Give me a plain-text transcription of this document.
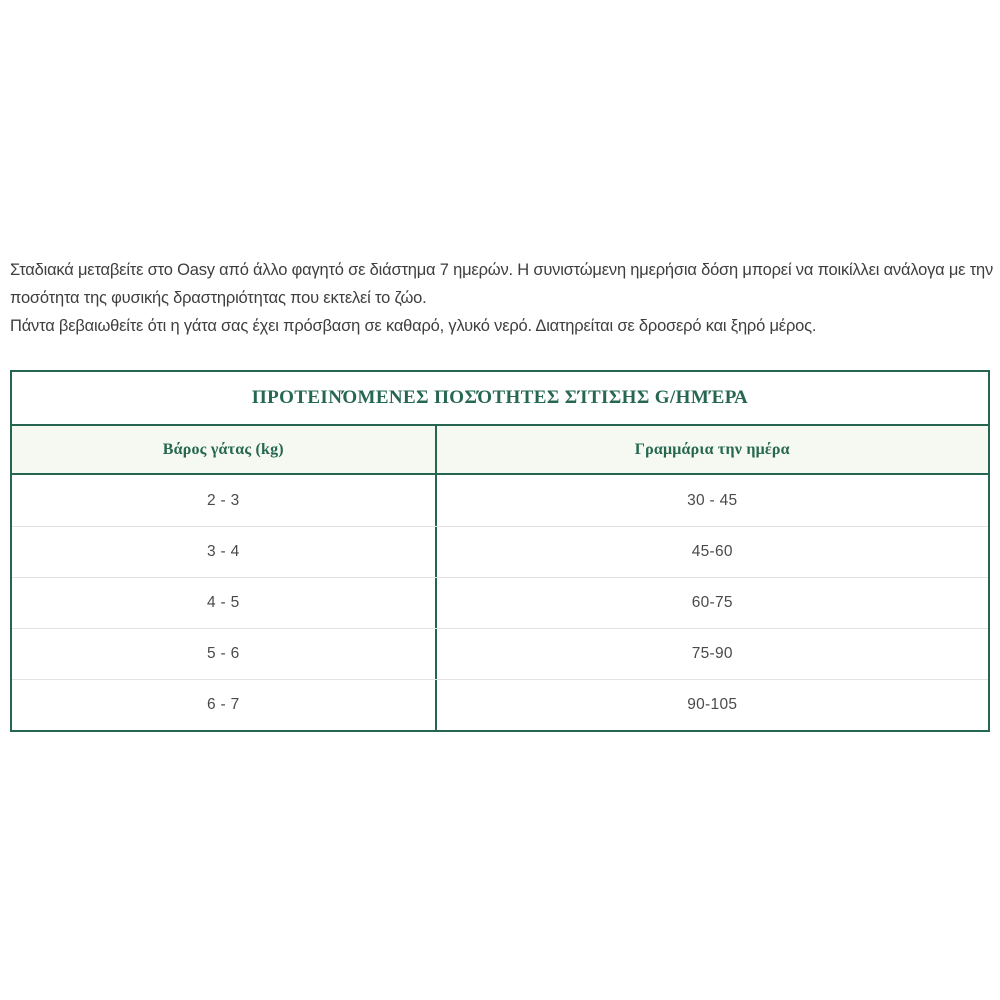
Σταδιακά μεταβείτε στο Oasy από άλλο φαγητό σε διάστημα 7 ημερών. Η συνιστώμενη ημερήσια δόση μπορεί να ποικίλλει ανάλογα με την
ποσότητα της φυσικής δραστηριότητας που εκτελεί το ζώο.
Πάντα βεβαιωθείτε ότι η γάτα σας έχει πρόσβαση σε καθαρό, γλυκό νερό. Διατηρείται σε δροσερό και ξηρό μέρος.
ΠΡΟΤΕΙΝΌΜΕΝΕΣ ΠΟΣΌΤΗΤΕΣ ΣΊΤΙΣΗΣ G/ΗΜΈΡΑ
Βάρος γάτας (kg)	Γραμμάρια την ημέρα
2 - 3	30 - 45
3 - 4	45-60
4 - 5	60-75
5 - 6	75-90
6 - 7	90-105
